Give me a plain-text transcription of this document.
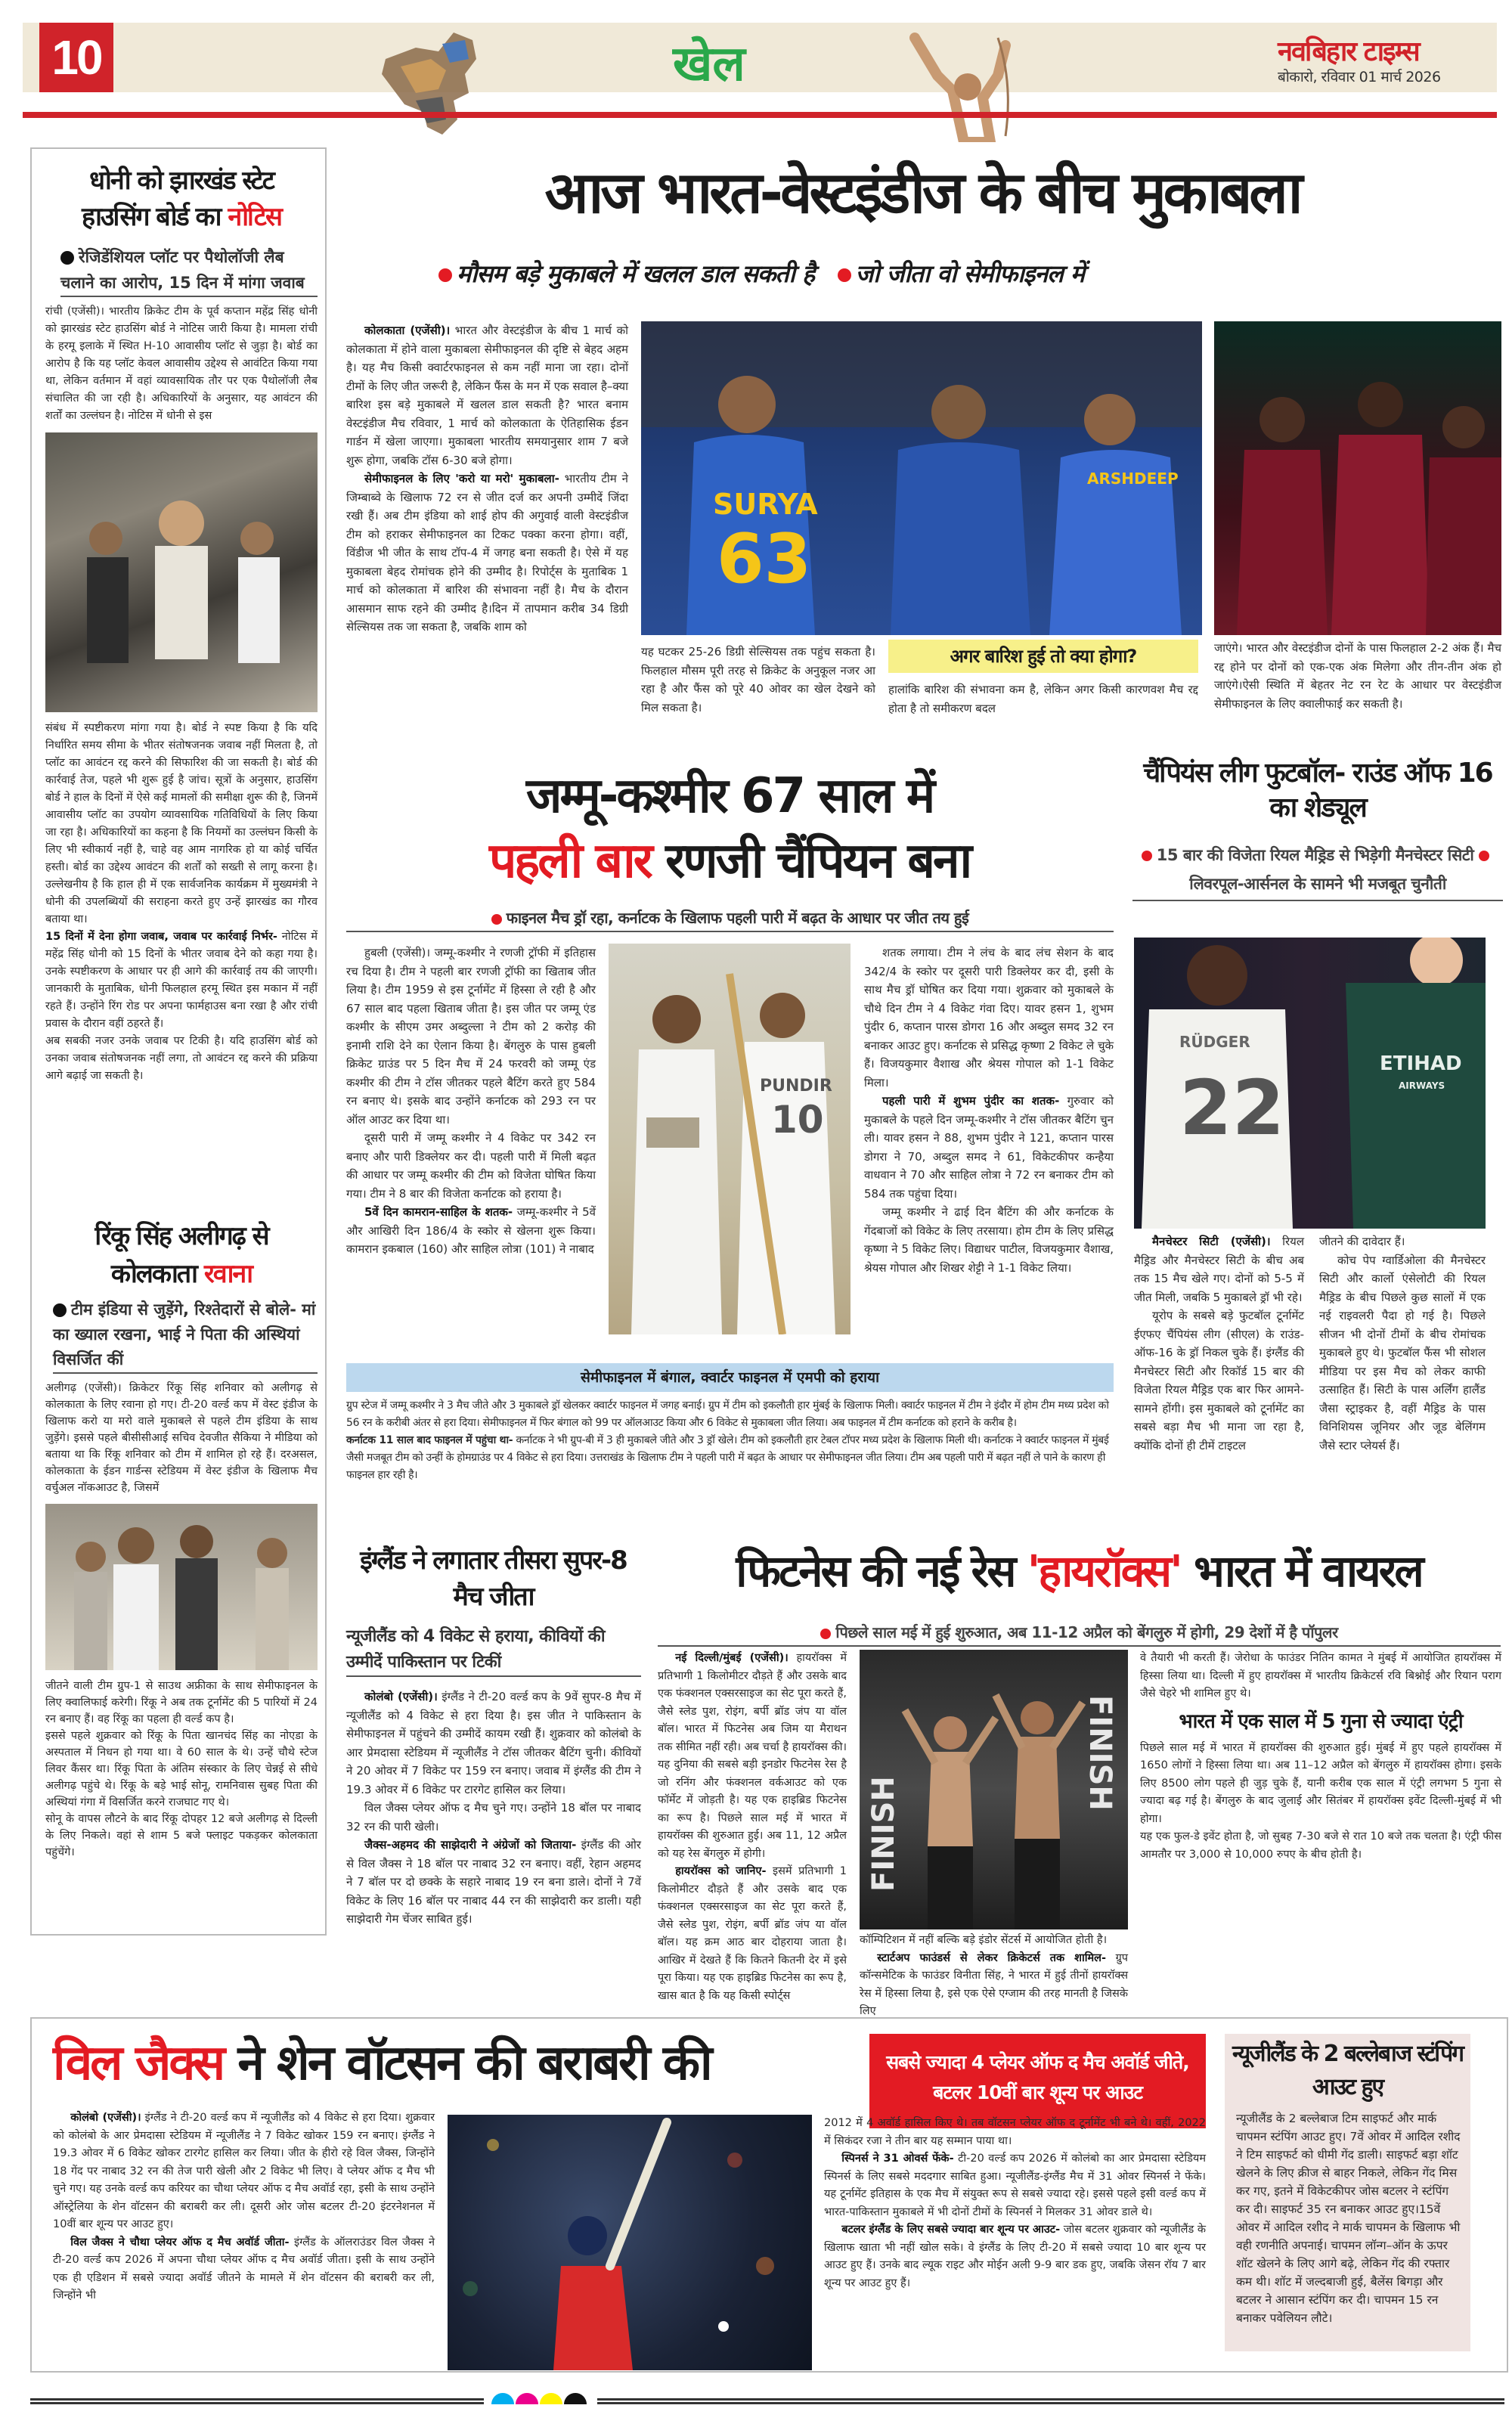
10	खेल	नवबिहार टाइम्स
बोकारो, रविवार 01 मार्च 2026
धोनी को झारखंड स्टेट
हाउसिंग बोर्ड का नोटिस
रेजिडेंशियल प्लॉट पर पैथोलॉजी लैब चलाने का आरोप, 15 दिन में मांगा जवाब
रांची (एजेंसी)। भारतीय क्रिकेट टीम के पूर्व कप्तान महेंद्र सिंह धोनी को झारखंड स्टेट हाउसिंग बोर्ड ने नोटिस जारी किया है। मामला रांची के हरमू इलाके में स्थित H-10 आवासीय प्लॉट से जुड़ा है। बोर्ड का आरोप है कि यह प्लॉट केवल आवासीय उद्देश्य से आवंटित किया गया था, लेकिन वर्तमान में वहां व्यावसायिक तौर पर एक पैथोलॉजी लैब संचालित की जा रही है। अधिकारियों के अनुसार, यह आवंटन की शर्तों का उल्लंघन है। नोटिस में धोनी से इस
संबंध में स्पष्टीकरण मांगा गया है। बोर्ड ने स्पष्ट किया है कि यदि निर्धारित समय सीमा के भीतर संतोषजनक जवाब नहीं मिलता है, तो प्लॉट का आवंटन रद्द करने की सिफारिश की जा सकती है। बोर्ड की कार्रवाई तेज, पहले भी शुरू हुई है जांच। सूत्रों के अनुसार, हाउसिंग बोर्ड ने हाल के दिनों में ऐसे कई मामलों की समीक्षा शुरू की है, जिनमें आवासीय प्लॉट का उपयोग व्यावसायिक गतिविधियों के लिए किया जा रहा है। अधिकारियों का कहना है कि नियमों का उल्लंघन किसी के लिए भी स्वीकार्य नहीं है, चाहे वह आम नागरिक हो या कोई चर्चित हस्ती। बोर्ड का उद्देश्य आवंटन की शर्तों को सख्ती से लागू करना है। उल्लेखनीय है कि हाल ही में एक सार्वजनिक कार्यक्रम में मुख्यमंत्री ने धोनी की उपलब्धियों की सराहना करते हुए उन्हें झारखंड का गौरव बताया था।
15 दिनों में देना होगा जवाब, जवाब पर कार्रवाई निर्भर- नोटिस में महेंद्र सिंह धोनी को 15 दिनों के भीतर जवाब देने को कहा गया है। उनके स्पष्टीकरण के आधार पर ही आगे की कार्रवाई तय की जाएगी। जानकारी के मुताबिक, धोनी फिलहाल हरमू स्थित इस मकान में नहीं रहते हैं। उन्होंने रिंग रोड पर अपना फार्महाउस बना रखा है और रांची प्रवास के दौरान वहीं ठहरते हैं।
अब सबकी नजर उनके जवाब पर टिकी है। यदि हाउसिंग बोर्ड को उनका जवाब संतोषजनक नहीं लगा, तो आवंटन रद्द करने की प्रक्रिया आगे बढ़ाई जा सकती है।
रिंकू सिंह अलीगढ़ से
कोलकाता रवाना
टीम इंडिया से जुड़ेंगे, रिश्तेदारों से बोले- मां का ख्याल रखना, भाई ने पिता की अस्थियां विसर्जित कीं
अलीगढ़ (एजेंसी)। क्रिकेटर रिंकू सिंह शनिवार को अलीगढ़ से कोलकाता के लिए रवाना हो गए। टी-20 वर्ल्ड कप में वेस्ट इंडीज के खिलाफ करो या मरो वाले मुकाबले से पहले टीम इंडिया के साथ जुड़ेंगे। इससे पहले बीसीसीआई सचिव देवजीत सैकिया ने मीडिया को बताया था कि रिंकू शनिवार को टीम में शामिल हो रहे हैं। दरअसल, कोलकाता के ईडन गार्डन्स स्टेडियम में वेस्ट इंडीज के खिलाफ मैच वर्चुअल नॉकआउट है, जिसमें
जीतने वाली टीम ग्रुप-1 से साउथ अफ्रीका के साथ सेमीफाइनल के लिए क्वालिफाई करेगी। रिंकू ने अब तक टूर्नामेंट की 5 पारियों में 24 रन बनाए हैं। वह रिंकू का पहला ही वर्ल्ड कप है।
इससे पहले शुक्रवार को रिंकू के पिता खानचंद सिंह का नोएडा के अस्पताल में निधन हो गया था। वे 60 साल के थे। उन्हें चौथे स्टेज लिवर कैंसर था। रिंकू पिता के अंतिम संस्कार के लिए चेन्नई से सीधे अलीगढ़ पहुंचे थे। रिंकू के बड़े भाई सोनू, रामनिवास सुबह पिता की अस्थियां गंगा में विसर्जित करने राजघाट गए थे।
सोनू के वापस लौटने के बाद रिंकू दोपहर 12 बजे अलीगढ़ से दिल्ली के लिए निकले। वहां से शाम 5 बजे फ्लाइट पकड़कर कोलकाता पहुंचेंगे।
आज भारत-वेस्टइंडीज के बीच मुकाबला
मौसम बड़े मुकाबले में खलल डाल सकती है जो जीता वो सेमीफाइनल में

कोलकाता (एजेंसी)। भारत और वेस्टइंडीज के बीच 1 मार्च को कोलकाता में होने वाला मुकाबला सेमीफाइनल की दृष्टि से बेहद अहम है। यह मैच किसी क्वार्टरफाइनल से कम नहीं माना जा रहा। दोनों टीमों के लिए जीत जरूरी है, लेकिन फैंस के मन में एक सवाल है–क्या बारिश इस बड़े मुकाबले में खलल डाल सकती है? भारत बनाम वेस्टइंडीज मैच रविवार, 1 मार्च को कोलकाता के ऐतिहासिक ईडन गार्डन में खेला जाएगा। मुकाबला भारतीय समयानुसार शाम 7 बजे शुरू होगा, जबकि टॉस 6-30 बजे होगा।

सेमीफाइनल के लिए 'करो या मरो' मुकाबला- भारतीय टीम ने जिम्बाब्वे के खिलाफ 72 रन से जीत दर्ज कर अपनी उम्मीदें जिंदा रखी हैं। अब टीम इंडिया को शाई होप की अगुवाई वाली वेस्टइंडीज टीम को हराकर सेमीफाइनल का टिकट पक्का करना होगा। वहीं, विंडीज भी जीत के साथ टॉप-4 में जगह बना सकती है। ऐसे में यह मुकाबला बेहद रोमांचक होने की उम्मीद है। रिपोर्ट्स के मुताबिक 1 मार्च को कोलकाता में बारिश की संभावना नहीं है। मैच के दौरान आसमान साफ रहने की उम्मीद है।दिन में तापमान करीब 34 डिग्री सेल्सियस तक जा सकता है, जबकि शाम को

SURYA
63
ARSHDEEP
यह घटकर 25-26 डिग्री सेल्सियस तक पहुंच सकता है। फिलहाल मौसम पूरी तरह से क्रिकेट के अनुकूल नजर आ रहा है और फैंस को पूरे 40 ओवर का खेल देखने को मिल सकता है।
अगर बारिश हुई तो क्या होगा?
हालांकि बारिश की संभावना कम है, लेकिन अगर किसी कारणवश मैच रद्द होता है तो समीकरण बदल
जाएंगे। भारत और वेस्टइंडीज दोनों के पास फिलहाल 2-2 अंक हैं। मैच रद्द होने पर दोनों को एक-एक अंक मिलेगा और तीन-तीन अंक हो जाएंगे।ऐसी स्थिति में बेहतर नेट रन रेट के आधार पर वेस्टइंडीज सेमीफाइनल के लिए क्वालीफाई कर सकती है।
जम्मू-कश्मीर 67 साल में
पहली बार रणजी चैंपियन बना
फाइनल मैच ड्रॉ रहा, कर्नाटक के खिलाफ पहली पारी में बढ़त के आधार पर जीत तय हुई

हुबली (एजेंसी)। जम्मू-कश्मीर ने रणजी ट्रॉफी में इतिहास रच दिया है। टीम ने पहली बार रणजी ट्रॉफी का खिताब जीत लिया है। टीम 1959 से इस टूर्नामेंट में हिस्सा ले रही है और 67 साल बाद पहला खिताब जीता है। इस जीत पर जम्मू एंड कश्मीर के सीएम उमर अब्दुल्ला ने टीम को 2 करोड़ की इनामी राशि देने का ऐलान किया है। बेंगलुरु के पास हुबली क्रिकेट ग्राउंड पर 5 दिन मैच में 24 फरवरी को जम्मू एंड कश्मीर की टीम ने टॉस जीतकर पहले बैटिंग करते हुए 584 रन बनाए थे। इसके बाद उन्होंने कर्नाटक को 293 रन पर ऑल आउट कर दिया था।

दूसरी पारी में जम्मू कश्मीर ने 4 विकेट पर 342 रन बनाए और पारी डिक्लेयर कर दी। पहली पारी में मिली बढ़त की आधार पर जम्मू कश्मीर की टीम को विजेता घोषित किया गया। टीम ने 8 बार की विजेता कर्नाटक को हराया है।

5वें दिन कामरान-साहिल के शतक- जम्मू-कश्मीर ने 5वें और आखिरी दिन 186/4 के स्कोर से खेलना शुरू किया। कामरान इकबाल (160) और साहिल लोत्रा (101) ने नाबाद

PUNDIR
10

शतक लगाया। टीम ने लंच के बाद लंच सेशन के बाद 342/4 के स्कोर पर दूसरी पारी डिक्लेयर कर दी, इसी के साथ मैच ड्रॉ घोषित कर दिया गया। शुक्रवार को मुकाबले के चौथे दिन टीम ने 4 विकेट गंवा दिए। यावर हसन 1, शुभम पुंदीर 6, कप्तान पारस डोगरा 16 और अब्दुल समद 32 रन बनाकर आउट हुए। कर्नाटक से प्रसिद्ध कृष्णा 2 विकेट ले चुके हैं। विजयकुमार वैशाख और श्रेयस गोपाल को 1-1 विकेट मिला।

पहली पारी में शुभम पुंदीर का शतक- गुरुवार को मुकाबले के पहले दिन जम्मू-कश्मीर ने टॉस जीतकर बैटिंग चुन ली। यावर हसन ने 88, शुभम पुंदीर ने 121, कप्तान पारस डोगरा ने 70, अब्दुल समद ने 61, विकेटकीपर कन्हैया वाधवान ने 70 और साहिल लोत्रा ने 72 रन बनाकर टीम को 584 तक पहुंचा दिया।

जम्मू कश्मीर ने ढाई दिन बैटिंग की और कर्नाटक के गेंदबाजों को विकेट के लिए तरसाया। होम टीम के लिए प्रसिद्ध कृष्णा ने 5 विकेट लिए। विद्याधर पाटील, विजयकुमार वैशाख, श्रेयस गोपाल और शिखर शेट्टी ने 1-1 विकेट लिया।

सेमीफाइनल में बंगाल, क्वार्टर फाइनल में एमपी को हराया
ग्रुप स्टेज में जम्मू कश्मीर ने 3 मैच जीते और 3 मुकाबले ड्रॉ खेलकर क्वार्टर फाइनल में जगह बनाई। ग्रुप में टीम को इकलौती हार मुंबई के खिलाफ मिली। क्वार्टर फाइनल में टीम ने इंदौर में होम टीम मध्य प्रदेश को 56 रन के करीबी अंतर से हरा दिया। सेमीफाइनल में फिर बंगाल को 99 पर ऑलआउट किया और 6 विकेट से मुकाबला जीत लिया। अब फाइनल में टीम कर्नाटक को हराने के करीब है।
कर्नाटक 11 साल बाद फाइनल में पहुंचा था- कर्नाटक ने भी ग्रुप-बी में 3 ही मुकाबले जीते और 3 ड्रॉ खेले। टीम को इकलौती हार टेबल टॉपर मध्य प्रदेश के खिलाफ मिली थी। कर्नाटक ने क्वार्टर फाइनल में मुंबई जैसी मजबूत टीम को उन्हीं के होमग्राउंड पर 4 विकेट से हरा दिया। उत्तराखंड के खिलाफ टीम ने पहली पारी में बढ़त के आधार पर सेमीफाइनल जीत लिया। टीम अब पहली पारी में बढ़त नहीं ले पाने के कारण ही फाइनल हार रही है।
चैंपियंस लीग फुटबॉल- राउंड ऑफ 16 का शेड्यूल
15 बार की विजेता रियल मैड्रिड से भिड़ेगी मैनचेस्टर सिटी लिवरपूल-आर्सनल के सामने भी मजबूत चुनौती
RÜDGER
22	ETIHAD
AIRWAYS

मैनचेस्टर सिटी (एजेंसी)। रियल मैड्रिड और मैनचेस्टर सिटी के बीच अब तक 15 मैच खेले गए। दोनों को 5-5 में जीत मिली, जबकि 5 मुकाबले ड्रॉ भी रहे।

यूरोप के सबसे बड़े फुटबॉल टूर्नामेंट ईएफए चैंपियंस लीग (सीएल) के राउंड-ऑफ-16 के ड्रॉ निकल चुके हैं। इंग्लैंड की मैनचेस्टर सिटी और रिकॉर्ड 15 बार की विजेता रियल मैड्रिड एक बार फिर आमने-सामने होंगी। इस मुकाबले को टूर्नामेंट का सबसे बड़ा मैच भी माना जा रहा है, क्योंकि दोनों ही टीमें टाइटल

जीतने की दावेदार हैं।

कोच पेप ग्वार्डिओला की मैनचेस्टर सिटी और कार्लो एंसेलोटी की रियल मैड्रिड के बीच पिछले कुछ सालों में एक नई राइवलरी पैदा हो गई है। पिछले सीजन भी दोनों टीमों के बीच रोमांचक मुकाबले हुए थे। फुटबॉल फैंस भी सोशल मीडिया पर इस मैच को लेकर काफी उत्साहित हैं। सिटी के पास अर्लिंग हालैंड जैसा स्ट्राइकर है, वहीं मैड्रिड के पास विनिशियस जूनियर और जूड बेलिंगम जैसे स्टार प्लेयर्स हैं।

इंग्लैंड ने लगातार तीसरा सुपर-8 मैच जीता
न्यूजीलैंड को 4 विकेट से हराया, कीवियों की उम्मीदें पाकिस्तान पर टिकीं

कोलंबो (एजेंसी)। इंग्लैंड ने टी-20 वर्ल्ड कप के 9वें सुपर-8 मैच में न्यूजीलैंड को 4 विकेट से हरा दिया है। इस जीत ने पाकिस्तान के सेमीफाइनल में पहुंचने की उम्मीदें कायम रखी हैं। शुक्रवार को कोलंबो के आर प्रेमदासा स्टेडियम में न्यूजीलैंड ने टॉस जीतकर बैटिंग चुनी। कीवियों ने 20 ओवर में 7 विकेट पर 159 रन बनाए। जवाब में इंग्लैंड की टीम ने 19.3 ओवर में 6 विकेट पर टारगेट हासिल कर लिया।

विल जैक्स प्लेयर ऑफ द मैच चुने गए। उन्होंने 18 बॉल पर नाबाद 32 रन की पारी खेली।

जैक्स-अहमद की साझेदारी ने अंग्रेजों को जिताया- इंग्लैंड की ओर से विल जैक्स ने 18 बॉल पर नाबाद 32 रन बनाए। वहीं, रेहान अहमद ने 7 बॉल पर दो छक्के के सहारे नाबाद 19 रन बना डाले। दोनों ने 7वें विकेट के लिए 16 बॉल पर नाबाद 44 रन की साझेदारी कर डाली। यही साझेदारी गेम चेंजर साबित हुई।

फिटनेस की नई रेस 'हायरॉक्स' भारत में वायरल
पिछले साल मई में हुई शुरुआत, अब 11-12 अप्रैल को बेंगलुरु में होगी, 29 देशों में है पॉपुलर

नई दिल्ली/मुंबई (एजेंसी)। हायरॉक्स में प्रतिभागी 1 किलोमीटर दौड़ते हैं और उसके बाद एक फंक्शनल एक्सरसाइज का सेट पूरा करते हैं, जैसे स्लेड पुश, रोइंग, बर्पी ब्रॉड जंप या वॉल बॉल। भारत में फिटनेस अब जिम या मैराथन तक सीमित नहीं रही। अब चर्चा है हायरॉक्स की। यह दुनिया की सबसे बड़ी इनडोर फिटनेस रेस है जो रनिंग और फंक्शनल वर्कआउट को एक फॉर्मेट में जोड़ती है। यह एक हाइब्रिड फिटनेस का रूप है। पिछले साल मई में भारत में हायरॉक्स की शुरुआत हुई। अब 11, 12 अप्रैल को यह रेस बेंगलुरु में होगी।

हायरॉक्स को जानिए- इसमें प्रतिभागी 1 किलोमीटर दौड़ते हैं और उसके बाद एक फंक्शनल एक्सरसाइज का सेट पूरा करते हैं, जैसे स्लेड पुश, रोइंग, बर्पी ब्रॉड जंप या वॉल बॉल। यह क्रम आठ बार दोहराया जाता है। आखिर में देखते हैं कि कितने कितनी देर में इसे पूरा किया। यह एक हाइब्रिड फिटनेस का रूप है, खास बात है कि यह किसी स्पोर्ट्स

FINISH
FINISH
कॉम्पिटिशन में नहीं बल्कि बड़े इंडोर सेंटर्स में आयोजित होती है।

स्टार्टअप फाउंडर्स से लेकर क्रिकेटर्स तक शामिल- ग्रुप कॉन्समेटिक के फाउंडर विनीता सिंह, ने भारत में हुई तीनों हायरॉक्स रेस में हिस्सा लिया है, इसे एक ऐसे एग्जाम की तरह मानती है जिसके लिए

वे तैयारी भी करती हैं। जेरोधा के फाउंडर नितिन कामत ने मुंबई में आयोजित हायरॉक्स में हिस्सा लिया था। दिल्ली में हुए हायरॉक्स में भारतीय क्रिकेटर्स रवि बिश्नोई और रियान पराग जैसे चेहरे भी शामिल हुए थे।
भारत में एक साल में 5 गुना से ज्यादा एंट्री
पिछले साल मई में भारत में हायरॉक्स की शुरुआत हुई। मुंबई में हुए पहले हायरॉक्स में 1650 लोगों ने हिस्सा लिया था। अब 11–12 अप्रैल को बेंगलुरु में हायरॉक्स होगा। इसके लिए 8500 लोग पहले ही जुड़ चुके हैं, यानी करीब एक साल में एंट्री लगभग 5 गुना से ज्यादा बढ़ गई है। बेंगलुरु के बाद जुलाई और सितंबर में हायरॉक्स इवेंट दिल्ली-मुंबई में भी होगा।
यह एक फुल-डे इवेंट होता है, जो सुबह 7-30 बजे से रात 10 बजे तक चलता है। एंट्री फीस आमतौर पर 3,000 से 10,000 रुपए के बीच होती है।
विल जैक्स ने शेन वॉटसन की बराबरी की	सबसे ज्यादा 4 प्लेयर ऑफ द मैच अवॉर्ड जीते, बटलर 10वीं बार शून्य पर आउट

कोलंबो (एजेंसी)। इंग्लैंड ने टी-20 वर्ल्ड कप में न्यूजीलैंड को 4 विकेट से हरा दिया। शुक्रवार को कोलंबो के आर प्रेमदासा स्टेडियम में न्यूजीलैंड ने 7 विकेट खोकर 159 रन बनाए। इंग्लैंड ने 19.3 ओवर में 6 विकेट खोकर टारगेट हासिल कर लिया। जीत के हीरो रहे विल जैक्स, जिन्होंने 18 गेंद पर नाबाद 32 रन की तेज पारी खेली और 2 विकेट भी लिए। वे प्लेयर ऑफ द मैच भी चुने गए। यह उनके वर्ल्ड कप करियर का चौथा प्लेयर ऑफ द मैच अवॉर्ड रहा, इसी के साथ उन्होंने ऑस्ट्रेलिया के शेन वॉटसन की बराबरी कर ली। दूसरी ओर जोस बटलर टी-20 इंटरनेशनल में 10वीं बार शून्य पर आउट हुए।

विल जैक्स ने चौथा प्लेयर ऑफ द मैच अवॉर्ड जीता- इंग्लैंड के ऑलराउंडर विल जैक्स ने टी-20 वर्ल्ड कप 2026 में अपना चौथा प्लेयर ऑफ द मैच अवॉर्ड जीता। इसी के साथ उन्होंने एक ही एडिशन में सबसे ज्यादा अवॉर्ड जीतने के मामले में शेन वॉटसन की बराबरी कर ली, जिन्होंने भी

2012 में 4 अवॉर्ड हासिल किए थे। तब वॉटसन प्लेयर ऑफ द टूर्नामेंट भी बने थे। वहीं, 2022 में सिकंदर रजा ने तीन बार यह सम्मान पाया था।

स्पिनर्स ने 31 ओवर्स फेंके- टी-20 वर्ल्ड कप 2026 में कोलंबो का आर प्रेमदासा स्टेडियम स्पिनर्स के लिए सबसे मददगार साबित हुआ। न्यूजीलैंड-इंग्लैंड मैच में 31 ओवर स्पिनर्स ने फेंके। यह टूर्नामेंट इतिहास के एक मैच में संयुक्त रूप से सबसे ज्यादा रहे। इससे पहले इसी वर्ल्ड कप में भारत-पाकिस्तान मुकाबले में भी दोनों टीमों के स्पिनर्स ने मिलकर 31 ओवर डाले थे।

बटलर इंग्लैंड के लिए सबसे ज्यादा बार शून्य पर आउट- जोस बटलर शुक्रवार को न्यूजीलैंड के खिलाफ खाता भी नहीं खोल सके। वे इंग्लैंड के लिए टी-20 में सबसे ज्यादा 10 बार शून्य पर आउट हुए हैं। उनके बाद ल्यूक राइट और मोईन अली 9-9 बार डक हुए, जबकि जेसन रॉय 7 बार शून्य पर आउट हुए हैं।

न्यूजीलैंड के 2 बल्लेबाज स्टंपिंग आउट हुए
न्यूजीलैंड के 2 बल्लेबाज टिम साइफर्ट और मार्क चापमन स्टंपिंग आउट हुए। 7वें ओवर में आदिल रशीद ने टिम साइफर्ट को धीमी गेंद डाली। साइफर्ट बड़ा शॉट खेलने के लिए क्रीज से बाहर निकले, लेकिन गेंद मिस कर गए, इतने में विकेटकीपर जोस बटलर ने स्टंपिंग कर दी। साइफर्ट 35 रन बनाकर आउट हुए।15वें ओवर में आदिल रशीद ने मार्क चापमन के खिलाफ भी वही रणनीति अपनाई। चापमन लॉन्ग–ऑन के ऊपर शॉट खेलने के लिए आगे बढ़े, लेकिन गेंद की रफ्तार कम थी। शॉट में जल्दबाजी हुई, बैलेंस बिगड़ा और बटलर ने आसान स्टंपिंग कर दी। चापमन 15 रन बनाकर पवेलियन लौटे।
